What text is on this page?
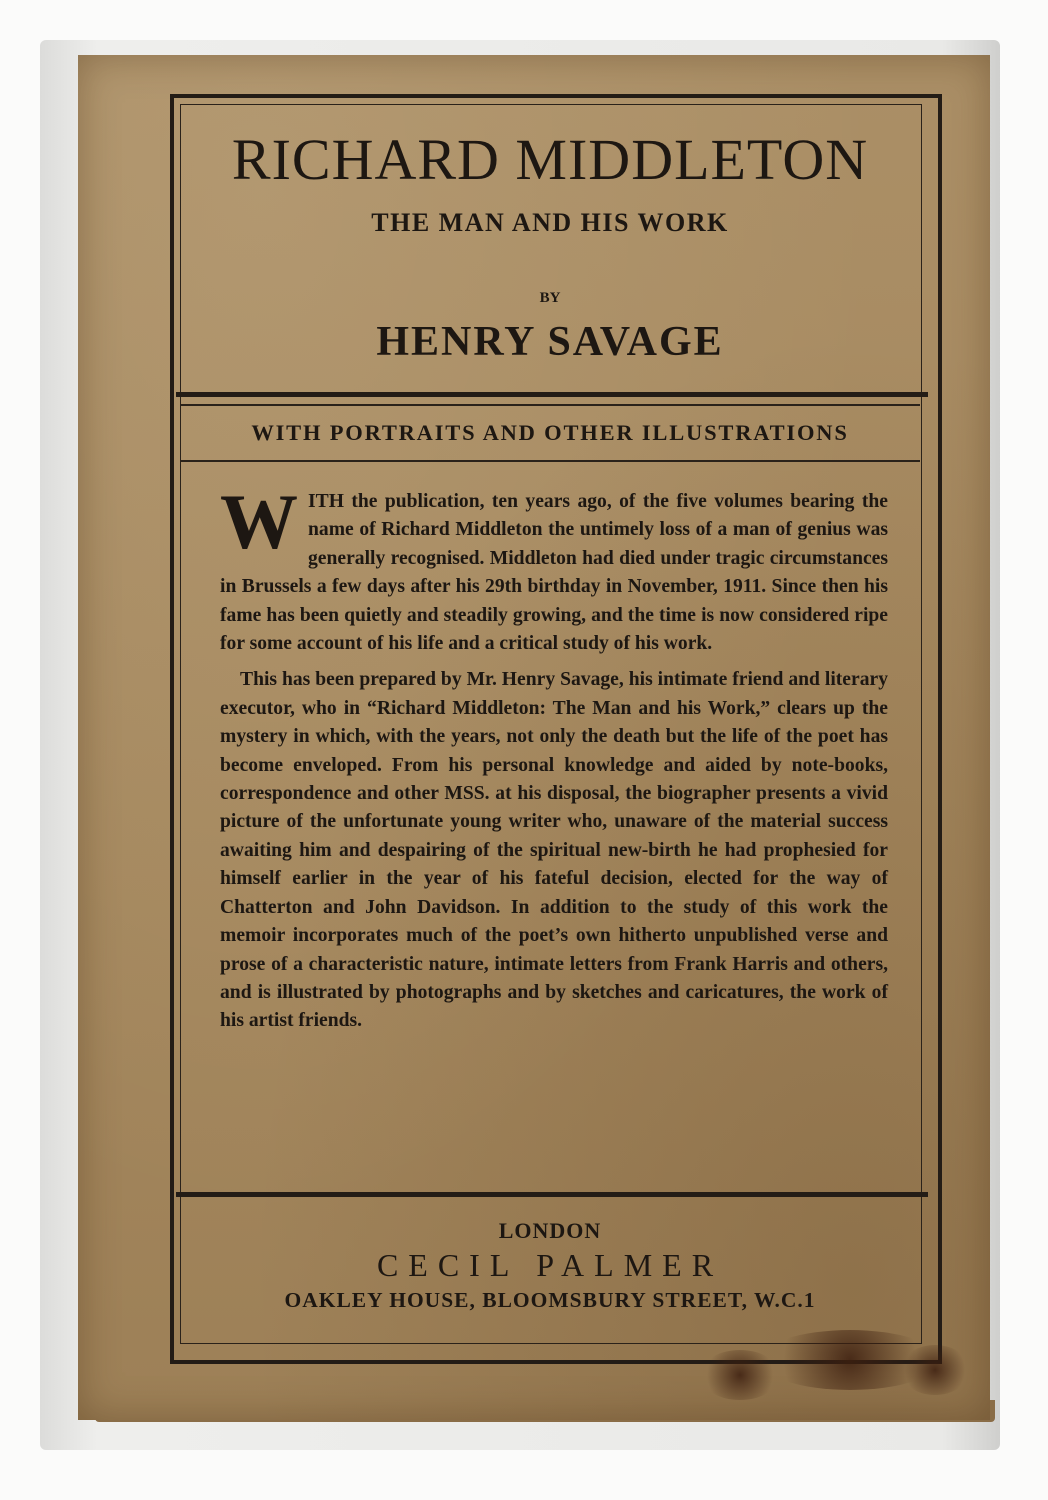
RICHARD MIDDLETON
THE MAN AND HIS WORK
BY
HENRY SAVAGE
WITH PORTRAITS AND OTHER ILLUSTRATIONS

WITH the publication, ten years ago, of the five volumes bearing the name of Richard Middleton the untimely loss of a man of genius was generally recognised. Middleton had died under tragic circumstances in Brussels a few days after his 29th birthday in November, 1911. Since then his fame has been quietly and steadily growing, and the time is now considered ripe for some account of his life and a critical study of his work.

This has been prepared by Mr. Henry Savage, his intimate friend and literary executor, who in “Richard Middleton: The Man and his Work,” clears up the mystery in which, with the years, not only the death but the life of the poet has become enveloped. From his personal knowledge and aided by note-books, correspondence and other MSS. at his disposal, the biographer presents a vivid picture of the unfortunate young writer who, unaware of the material success awaiting him and despairing of the spiritual new-birth he had prophesied for himself earlier in the year of his fateful decision, elected for the way of Chatterton and John Davidson. In addition to the study of this work the memoir incorporates much of the poet’s own hitherto unpublished verse and prose of a characteristic nature, intimate letters from Frank Harris and others, and is illustrated by photographs and by sketches and caricatures, the work of his artist friends.

LONDON
CECIL PALMER
OAKLEY HOUSE, BLOOMSBURY STREET, W.C.1
